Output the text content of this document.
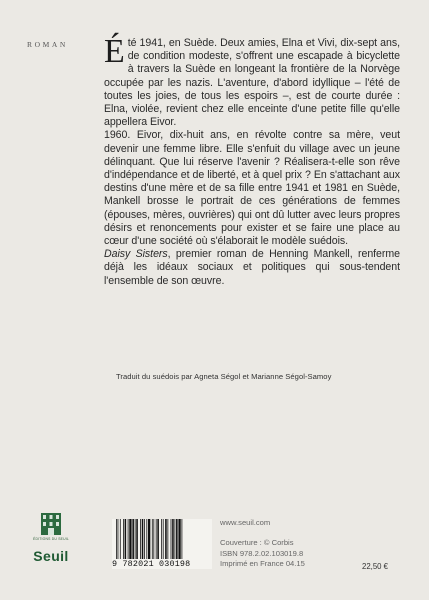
ROMAN Été 1941, en Suède. Deux amies, Elna et Vivi, dix-sept ans, de condition modeste, s'offrent une escapade à bicyclette à travers la Suède en longeant la frontière de la Norvège occupée par les nazis. L'aventure, d'abord idyllique – l'été de toutes les joies, de tous les espoirs –, est de courte durée : Elna, violée, revient chez elle enceinte d'une petite fille qu'elle appellera Eivor.

1960. Eivor, dix-huit ans, en révolte contre sa mère, veut devenir une femme libre. Elle s'enfuit du village avec un jeune délinquant. Que lui réserve l'avenir ? Réalisera-t-elle son rêve d'indépendance et de liberté, et à quel prix ? En s'attachant aux destins d'une mère et de sa fille entre 1941 et 1981 en Suède, Mankell brosse le portrait de ces générations de femmes (épouses, mères, ouvrières) qui ont dû lutter avec leurs propres désirs et renoncements pour exister et se faire une place au cœur d'une société où s'élaborait le modèle suédois.

Daisy Sisters, premier roman de Henning Mankell, renferme déjà les idéaux sociaux et politiques qui sous-tendent l'ensemble de son œuvre.

Traduit du suédois par Agneta Ségol et Marianne Ségol-Samoy
ÉDITIONS DU SEUIL
Seuil	9 782021 030198
www.seuil.com
Couverture : © Corbis
ISBN 978.2.02.103019.8
Imprimé en France 04.15	22,50 €
